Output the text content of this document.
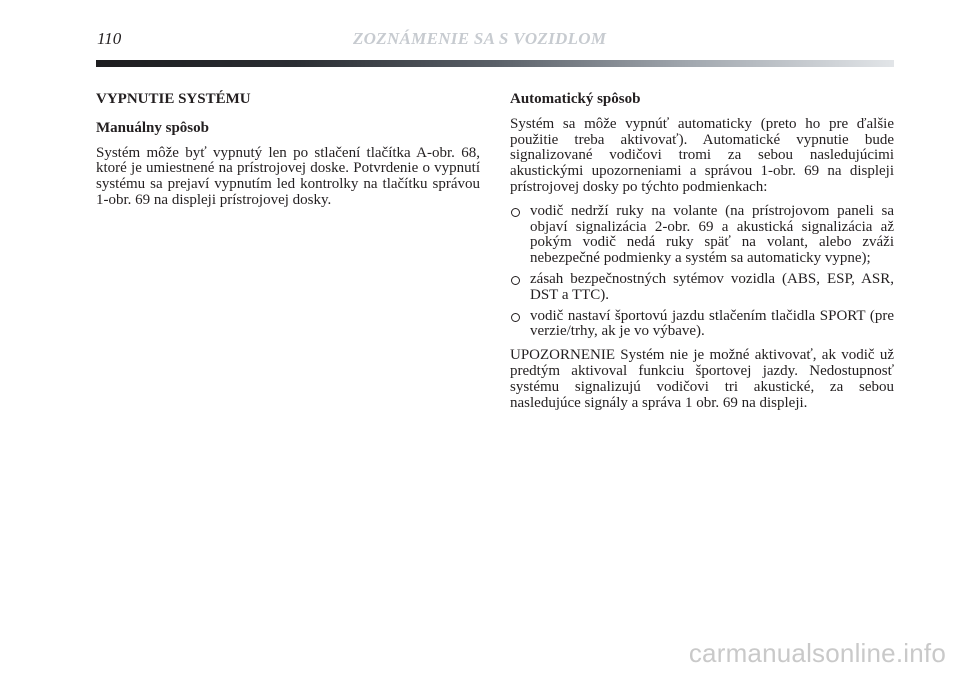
110	ZOZNÁMENIE SA S VOZIDLOM
VYPNUTIE SYSTÉMU
Manuálny spôsob

Systém môže byť vypnutý len po stlačení tlačítka A-obr. 68, ktoré je umiestnené na prístrojovej doske. Potvrdenie o vypnutí systému sa prejaví vypnutím led kontrolky na tlačítku správou 1-obr. 69 na displeji prístrojovej dosky.

Automatický spôsob

Systém sa môže vypnúť automaticky (preto ho pre ďalšie použitie treba aktivovať). Automatické vypnutie bude signalizované vodičovi tromi za sebou nasledujúcimi akustickými upozorneniami a správou 1-obr. 69 na displeji prístrojovej dosky po týchto podmienkach:

vodič nedrží ruky na volante (na prístrojovom paneli sa objaví signalizácia 2-obr. 69 a akustická signalizácia až pokým vodič nedá ruky späť na volant, alebo zváži nebezpečné podmienky a systém sa automaticky vypne);
zásah bezpečnostných sytémov vozidla (ABS, ESP, ASR, DST a TTC).
vodič nastaví športovú jazdu stlačením tlačidla SPORT (pre verzie/trhy, ak je vo výbave).

UPOZORNENIE Systém nie je možné aktivovať, ak vodič už predtým aktivoval funkciu športovej jazdy. Nedostupnosť systému signalizujú vodičovi tri akustické, za sebou nasledujúce signály a správa 1 obr. 69 na displeji.

carmanualsonline.info
